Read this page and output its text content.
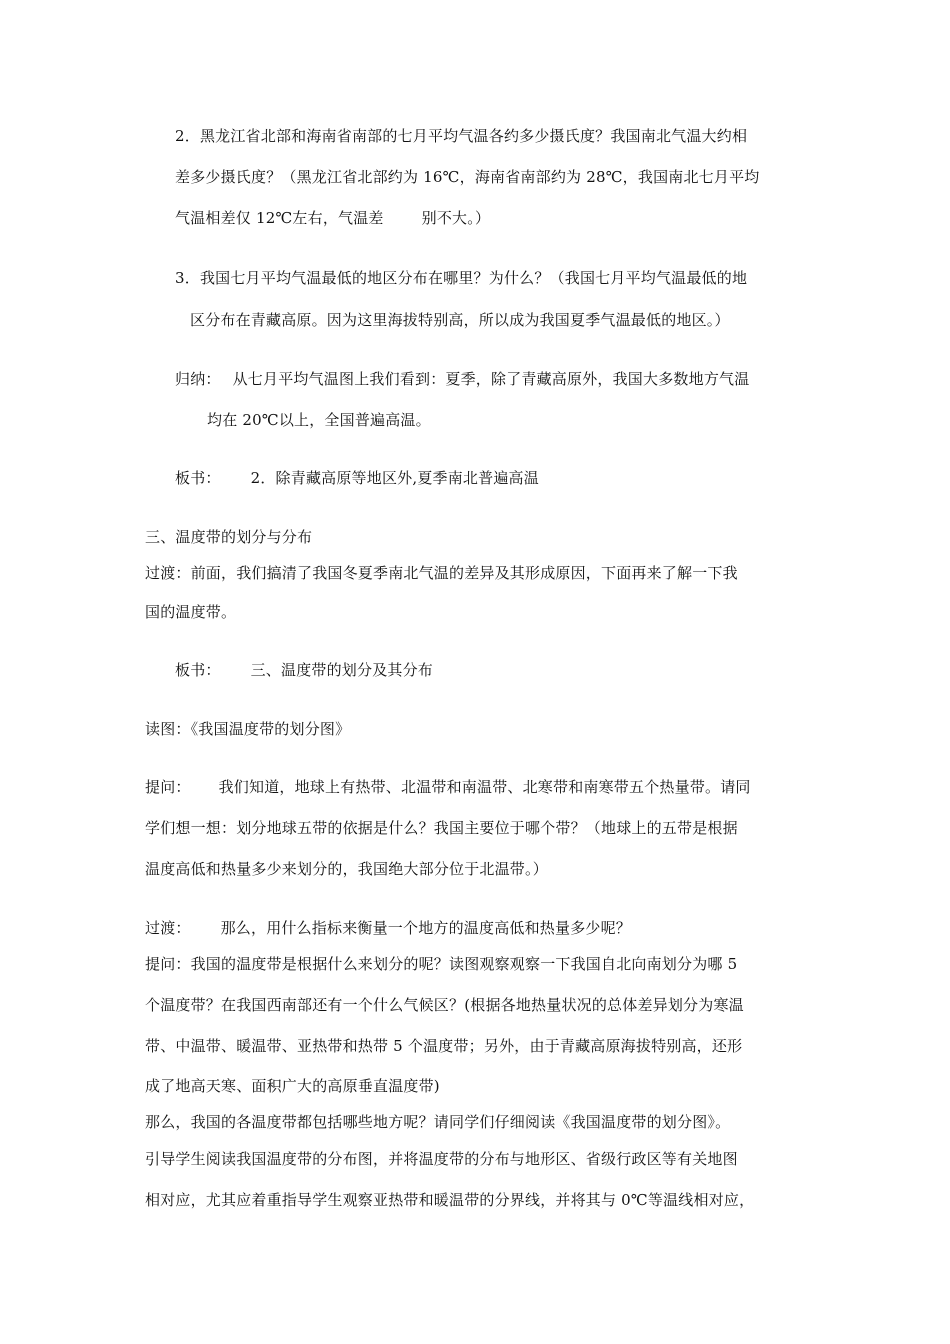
2．黑龙江省北部和海南省南部的七月平均气温各约多少摄氏度？我国南北气温大约相
差多少摄氏度？（黑龙江省北部约为 16℃，海南省南部约为 28℃，我国南北七月平均
气温相差仅 12℃左右，气温差	别不大。）
3．我国七月平均气温最低的地区分布在哪里？为什么？（我国七月平均气温最低的地
区分布在青藏高原。因为这里海拔特别高，所以成为我国夏季气温最低的地区。）
归纳： 从七月平均气温图上我们看到：夏季，除了青藏高原外，我国大多数地方气温
均在 20℃以上，全国普遍高温。
板书： 2．除青藏高原等地区外,夏季南北普遍高温
三、温度带的划分与分布
过渡：前面，我们搞清了我国冬夏季南北气温的差异及其形成原因，下面再来了解一下我
国的温度带。
板书： 三、温度带的划分及其分布
读图：《我国温度带的划分图》
提问： 我们知道，地球上有热带、北温带和南温带、北寒带和南寒带五个热量带。请同
学们想一想：划分地球五带的依据是什么？我国主要位于哪个带？（地球上的五带是根据
温度高低和热量多少来划分的，我国绝大部分位于北温带。）
过渡： 那么，用什么指标来衡量一个地方的温度高低和热量多少呢？
提问：我国的温度带是根据什么来划分的呢？读图观察观察一下我国自北向南划分为哪 5
个温度带？在我国西南部还有一个什么气候区？(根据各地热量状况的总体差异划分为寒温
带、中温带、暖温带、亚热带和热带 5 个温度带；另外，由于青藏高原海拔特别高，还形
成了地高天寒、面积广大的高原垂直温度带)
那么，我国的各温度带都包括哪些地方呢？请同学们仔细阅读《我国温度带的划分图》。
引导学生阅读我国温度带的分布图，并将温度带的分布与地形区、省级行政区等有关地图
相对应，尤其应着重指导学生观察亚热带和暖温带的分界线，并将其与 0℃等温线相对应，
